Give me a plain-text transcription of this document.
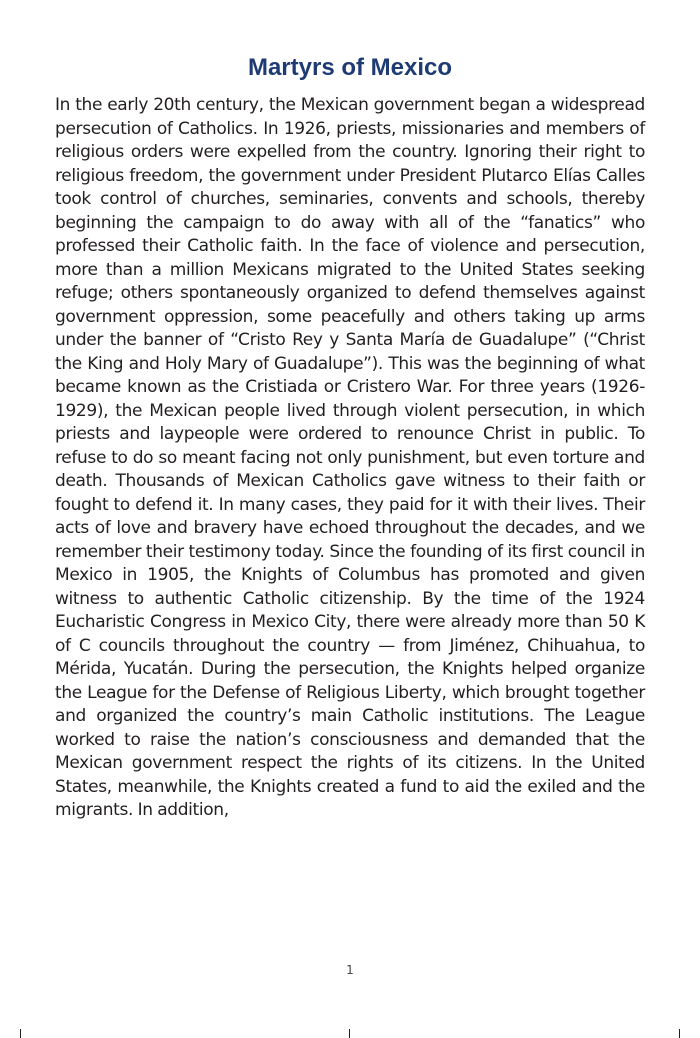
Martyrs of Mexico

In the early 20th century, the Mexican government began a widespread persecution of Catholics. In 1926, priests, missionaries and members of religious orders were expelled from the country. Ignoring their right to religious freedom, the government under President Plutarco Elías Calles took control of churches, seminaries, convents and schools, thereby beginning the campaign to do away with all of the “fanatics” who professed their Catholic faith. In the face of violence and persecution, more than a million Mexicans migrated to the United States seeking refuge; others spontaneously organized to defend themselves against government oppression, some peacefully and others taking up arms under the banner of “Cristo Rey y Santa María de Guadalupe” (“Christ the King and Holy Mary of Guadalupe”). This was the beginning of what became known as the Cristiada or Cristero War. For three years (1926-1929), the Mexican people lived through violent persecution, in which priests and laypeople were ordered to renounce Christ in public. To refuse to do so meant facing not only punishment, but even torture and death. Thousands of Mexican Catholics gave witness to their faith or fought to defend it. In many cases, they paid for it with their lives. Their acts of love and bravery have echoed throughout the decades, and we remember their testimony today. Since the founding of its first council in Mexico in 1905, the Knights of Columbus has promoted and given witness to authentic Catholic citizenship. By the time of the 1924 Eucharistic Congress in Mexico City, there were already more than 50 K of C councils throughout the country — from Jiménez, Chihuahua, to Mérida, Yucatán. During the persecution, the Knights helped organize the League for the Defense of Religious Liberty, which brought together and organized the country’s main Catholic institutions. The League worked to raise the nation’s consciousness and demanded that the Mexican government respect the rights of its citizens. In the United States, meanwhile, the Knights created a fund to aid the exiled and the migrants. In addition,

1
